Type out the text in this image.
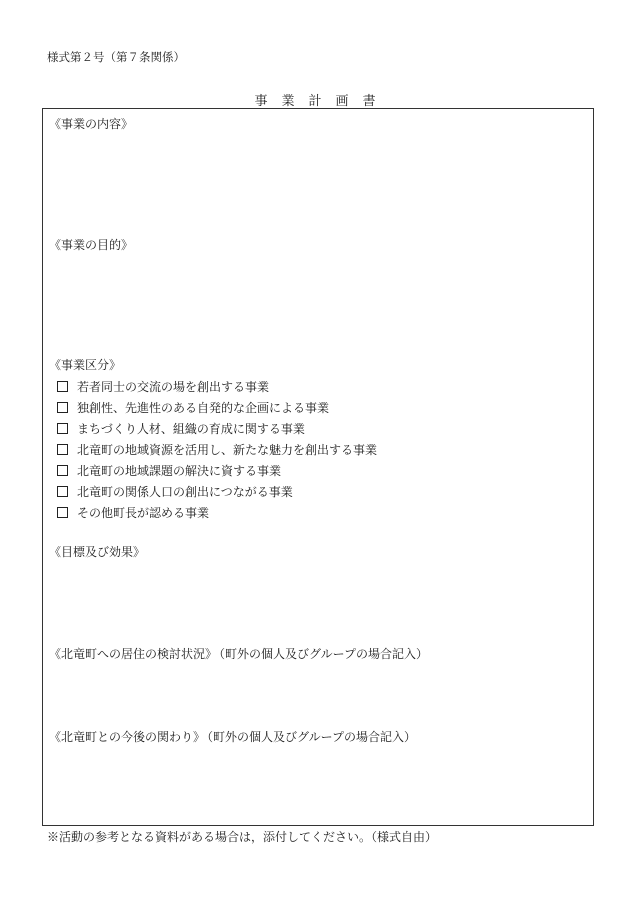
様式第２号（第７条関係）
事業計画書
《事業の内容》
《事業の目的》
《事業区分》
若者同士の交流の場を創出する事業
独創性、先進性のある自発的な企画による事業
まちづくり人材、組織の育成に関する事業
北竜町の地域資源を活用し、新たな魅力を創出する事業
北竜町の地域課題の解決に資する事業
北竜町の関係人口の創出につながる事業
その他町長が認める事業
《目標及び効果》
《北竜町への居住の検討状況》 （町外の個人及びグループの場合記入）
《北竜町との今後の関わり》 （町外の個人及びグループの場合記入）
※活動の参考となる資料がある場合は，添付してください。（様式自由）
